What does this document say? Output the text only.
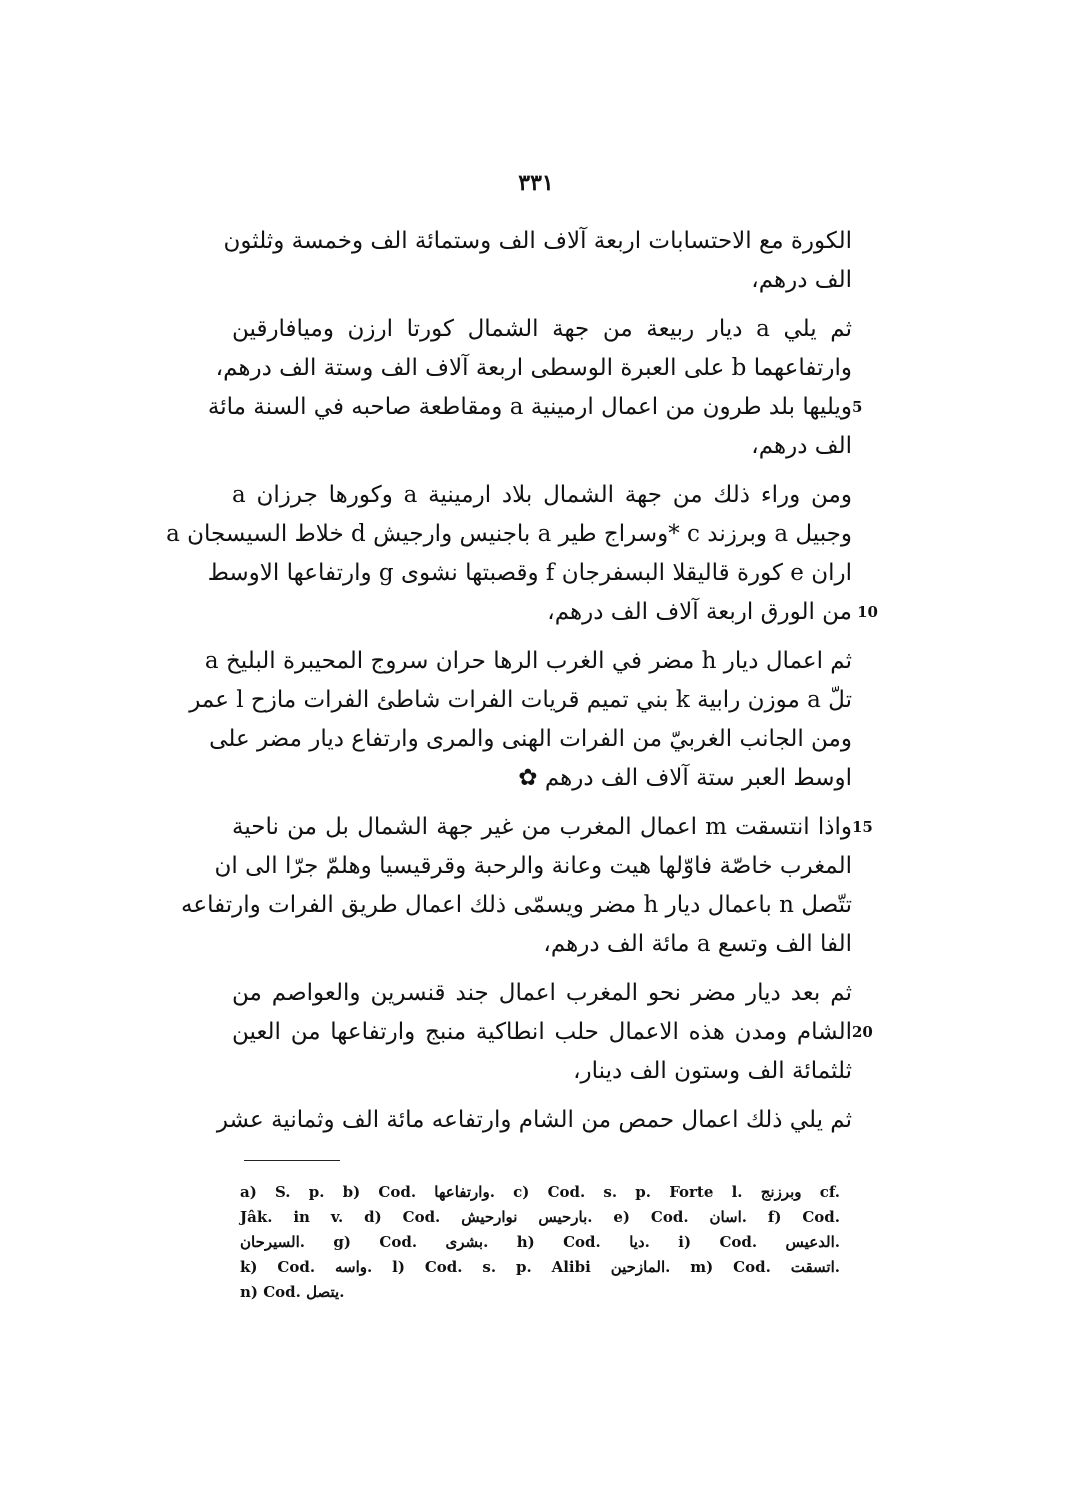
٣٣١
الكورة مع الاحتسابات اربعة آلاف الف وستمائة الف وخمسة وثلثون
الف درهم،
ثم يلي a ديار ربيعة من جهة الشمال كورتا ارزن وميافارقين
وارتفاعهما b على العبرة الوسطى اربعة آلاف الف وستة الف درهم،
ويليها بلد طرون من اعمال ارمينية a ومقاطعة صاحبه في السنة مائة 5
الف درهم،
ومن وراء ذلك من جهة الشمال بلاد ارمينية a وكورها جرزان a
وجبيل a وبرزند c *وسراج طير a باجنيس وارجيش d خلاط السيسجان a
اران e كورة قاليقلا البسفرجان f وقصبتها نشوى g وارتفاعها الاوسط
من الورق اربعة آلاف الف درهم، 10
ثم اعمال ديار h مضر في الغرب الرها حران سروج المحيبرة البليخ a
تلّ a موزن رابية k بني تميم قريات الفرات شاطئ الفرات مازح l عمر
ومن الجانب الغربيّ من الفرات الهنى والمرى وارتفاع ديار مضر على
اوسط العبر ستة آلاف الف درهم ✿
واذا انتسقت m اعمال المغرب من غير جهة الشمال بل من ناحية 15
المغرب خاصّة فاوّلها هيت وعانة والرحبة وقرقيسيا وهلمّ جرّا الى ان
تتّصل n باعمال ديار h مضر ويسمّى ذلك اعمال طريق الفرات وارتفاعه
الفا الف وتسع a مائة الف درهم،
ثم بعد ديار مضر نحو المغرب اعمال جند قنسرين والعواصم من
الشام ومدن هذه الاعمال حلب انطاكية منبج وارتفاعها من العين 20
ثلثمائة الف وستون الف دينار،
ثم يلي ذلك اعمال حمص من الشام وارتفاعه مائة الف وثمانية عشر
a) S. p. b) Cod. وارتفاعها. c) Cod. s. p. Forte l. وبرزنج cf.
Jâk. in v. d) Cod. بارحيس نوارحيش. e) Cod. اسان. f) Cod.
السيرحان. g) Cod. بشرى. h) Cod. ديا. i) Cod. الدعيس.
k) Cod. واسه. l) Cod. s. p. Alibi المازحين. m) Cod. اتسقت.
n) Cod. يتصل.
